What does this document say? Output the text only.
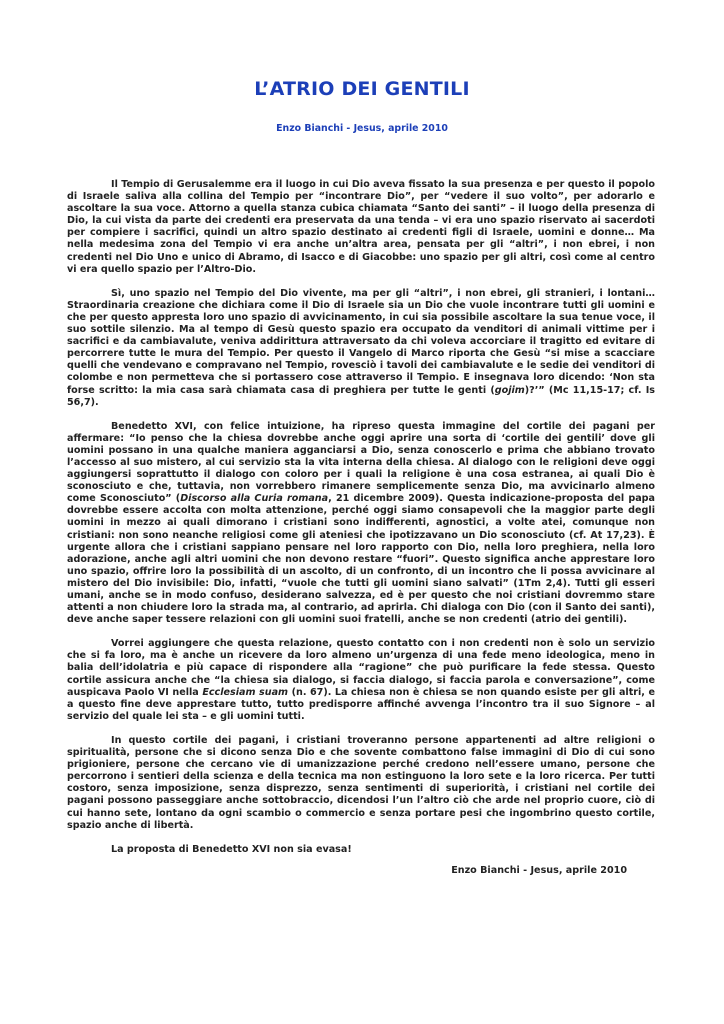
L’ATRIO DEI GENTILI
Enzo Bianchi - Jesus, aprile 2010

Il Tempio di Gerusalemme era il luogo in cui Dio aveva fissato la sua presenza e per questo il popolo di Israele saliva alla collina del Tempio per “incontrare Dio”, per “vedere il suo volto”, per adorarlo e ascoltare la sua voce. Attorno a quella stanza cubica chiamata “Santo dei santi” – il luogo della presenza di Dio, la cui vista da parte dei credenti era preservata da una tenda – vi era uno spazio riservato ai sacerdoti per compiere i sacrifici, quindi un altro spazio destinato ai credenti figli di Israele, uomini e donne… Ma nella medesima zona del Tempio vi era anche un’altra area, pensata per gli “altri”, i non ebrei, i non credenti nel Dio Uno e unico di Abramo, di Isacco e di Giacobbe: uno spazio per gli altri, così come al centro vi era quello spazio per l’Altro-Dio.

Sì, uno spazio nel Tempio del Dio vivente, ma per gli “altri”, i non ebrei, gli stranieri, i lontani… Straordinaria creazione che dichiara come il Dio di Israele sia un Dio che vuole incontrare tutti gli uomini e che per questo appresta loro uno spazio di avvicinamento, in cui sia possibile ascoltare la sua tenue voce, il suo sottile silenzio. Ma al tempo di Gesù questo spazio era occupato da venditori di animali vittime per i sacrifici e da cambiavalute, veniva addirittura attraversato da chi voleva accorciare il tragitto ed evitare di percorrere tutte le mura del Tempio. Per questo il Vangelo di Marco riporta che Gesù “si mise a scacciare quelli che vendevano e compravano nel Tempio, rovesciò i tavoli dei cambiavalute e le sedie dei venditori di colombe e non permetteva che si portassero cose attraverso il Tempio. E insegnava loro dicendo: ‘Non sta forse scritto: la mia casa sarà chiamata casa di preghiera per tutte le genti (gojim)?’” (Mc 11,15-17; cf. Is 56,7).

Benedetto XVI, con felice intuizione, ha ripreso questa immagine del cortile dei pagani per affermare: “Io penso che la chiesa dovrebbe anche oggi aprire una sorta di ‘cortile dei gentili’ dove gli uomini possano in una qualche maniera agganciarsi a Dio, senza conoscerlo e prima che abbiano trovato l’accesso al suo mistero, al cui servizio sta la vita interna della chiesa. Al dialogo con le religioni deve oggi aggiungersi soprattutto il dialogo con coloro per i quali la religione è una cosa estranea, ai quali Dio è sconosciuto e che, tuttavia, non vorrebbero rimanere semplicemente senza Dio, ma avvicinarlo almeno come Sconosciuto” (Discorso alla Curia romana, 21 dicembre 2009). Questa indicazione-proposta del papa dovrebbe essere accolta con molta attenzione, perché oggi siamo consapevoli che la maggior parte degli uomini in mezzo ai quali dimorano i cristiani sono indifferenti, agnostici, a volte atei, comunque non cristiani: non sono neanche religiosi come gli ateniesi che ipotizzavano un Dio sconosciuto (cf. At 17,23). È urgente allora che i cristiani sappiano pensare nel loro rapporto con Dio, nella loro preghiera, nella loro adorazione, anche agli altri uomini che non devono restare “fuori”. Questo significa anche apprestare loro uno spazio, offrire loro la possibilità di un ascolto, di un confronto, di un incontro che li possa avvicinare al mistero del Dio invisibile: Dio, infatti, “vuole che tutti gli uomini siano salvati” (1Tm 2,4). Tutti gli esseri umani, anche se in modo confuso, desiderano salvezza, ed è per questo che noi cristiani dovremmo stare attenti a non chiudere loro la strada ma, al contrario, ad aprirla. Chi dialoga con Dio (con il Santo dei santi), deve anche saper tessere relazioni con gli uomini suoi fratelli, anche se non credenti (atrio dei gentili).

Vorrei aggiungere che questa relazione, questo contatto con i non credenti non è solo un servizio che si fa loro, ma è anche un ricevere da loro almeno un’urgenza di una fede meno ideologica, meno in balia dell’idolatria e più capace di rispondere alla “ragione” che può purificare la fede stessa. Questo cortile assicura anche che “la chiesa sia dialogo, si faccia dialogo, si faccia parola e conversazione”, come auspicava Paolo VI nella Ecclesiam suam (n. 67). La chiesa non è chiesa se non quando esiste per gli altri, e a questo fine deve apprestare tutto, tutto predisporre affinché avvenga l’incontro tra il suo Signore – al servizio del quale lei sta – e gli uomini tutti.

In questo cortile dei pagani, i cristiani troveranno persone appartenenti ad altre religioni o spiritualità, persone che si dicono senza Dio e che sovente combattono false immagini di Dio di cui sono prigioniere, persone che cercano vie di umanizzazione perché credono nell’essere umano, persone che percorrono i sentieri della scienza e della tecnica ma non estinguono la loro sete e la loro ricerca. Per tutti costoro, senza imposizione, senza disprezzo, senza sentimenti di superiorità, i cristiani nel cortile dei pagani possono passeggiare anche sottobraccio, dicendosi l’un l’altro ciò che arde nel proprio cuore, ciò di cui hanno sete, lontano da ogni scambio o commercio e senza portare pesi che ingombrino questo cortile, spazio anche di libertà.

La proposta di Benedetto XVI non sia evasa!
Enzo Bianchi - Jesus, aprile 2010
